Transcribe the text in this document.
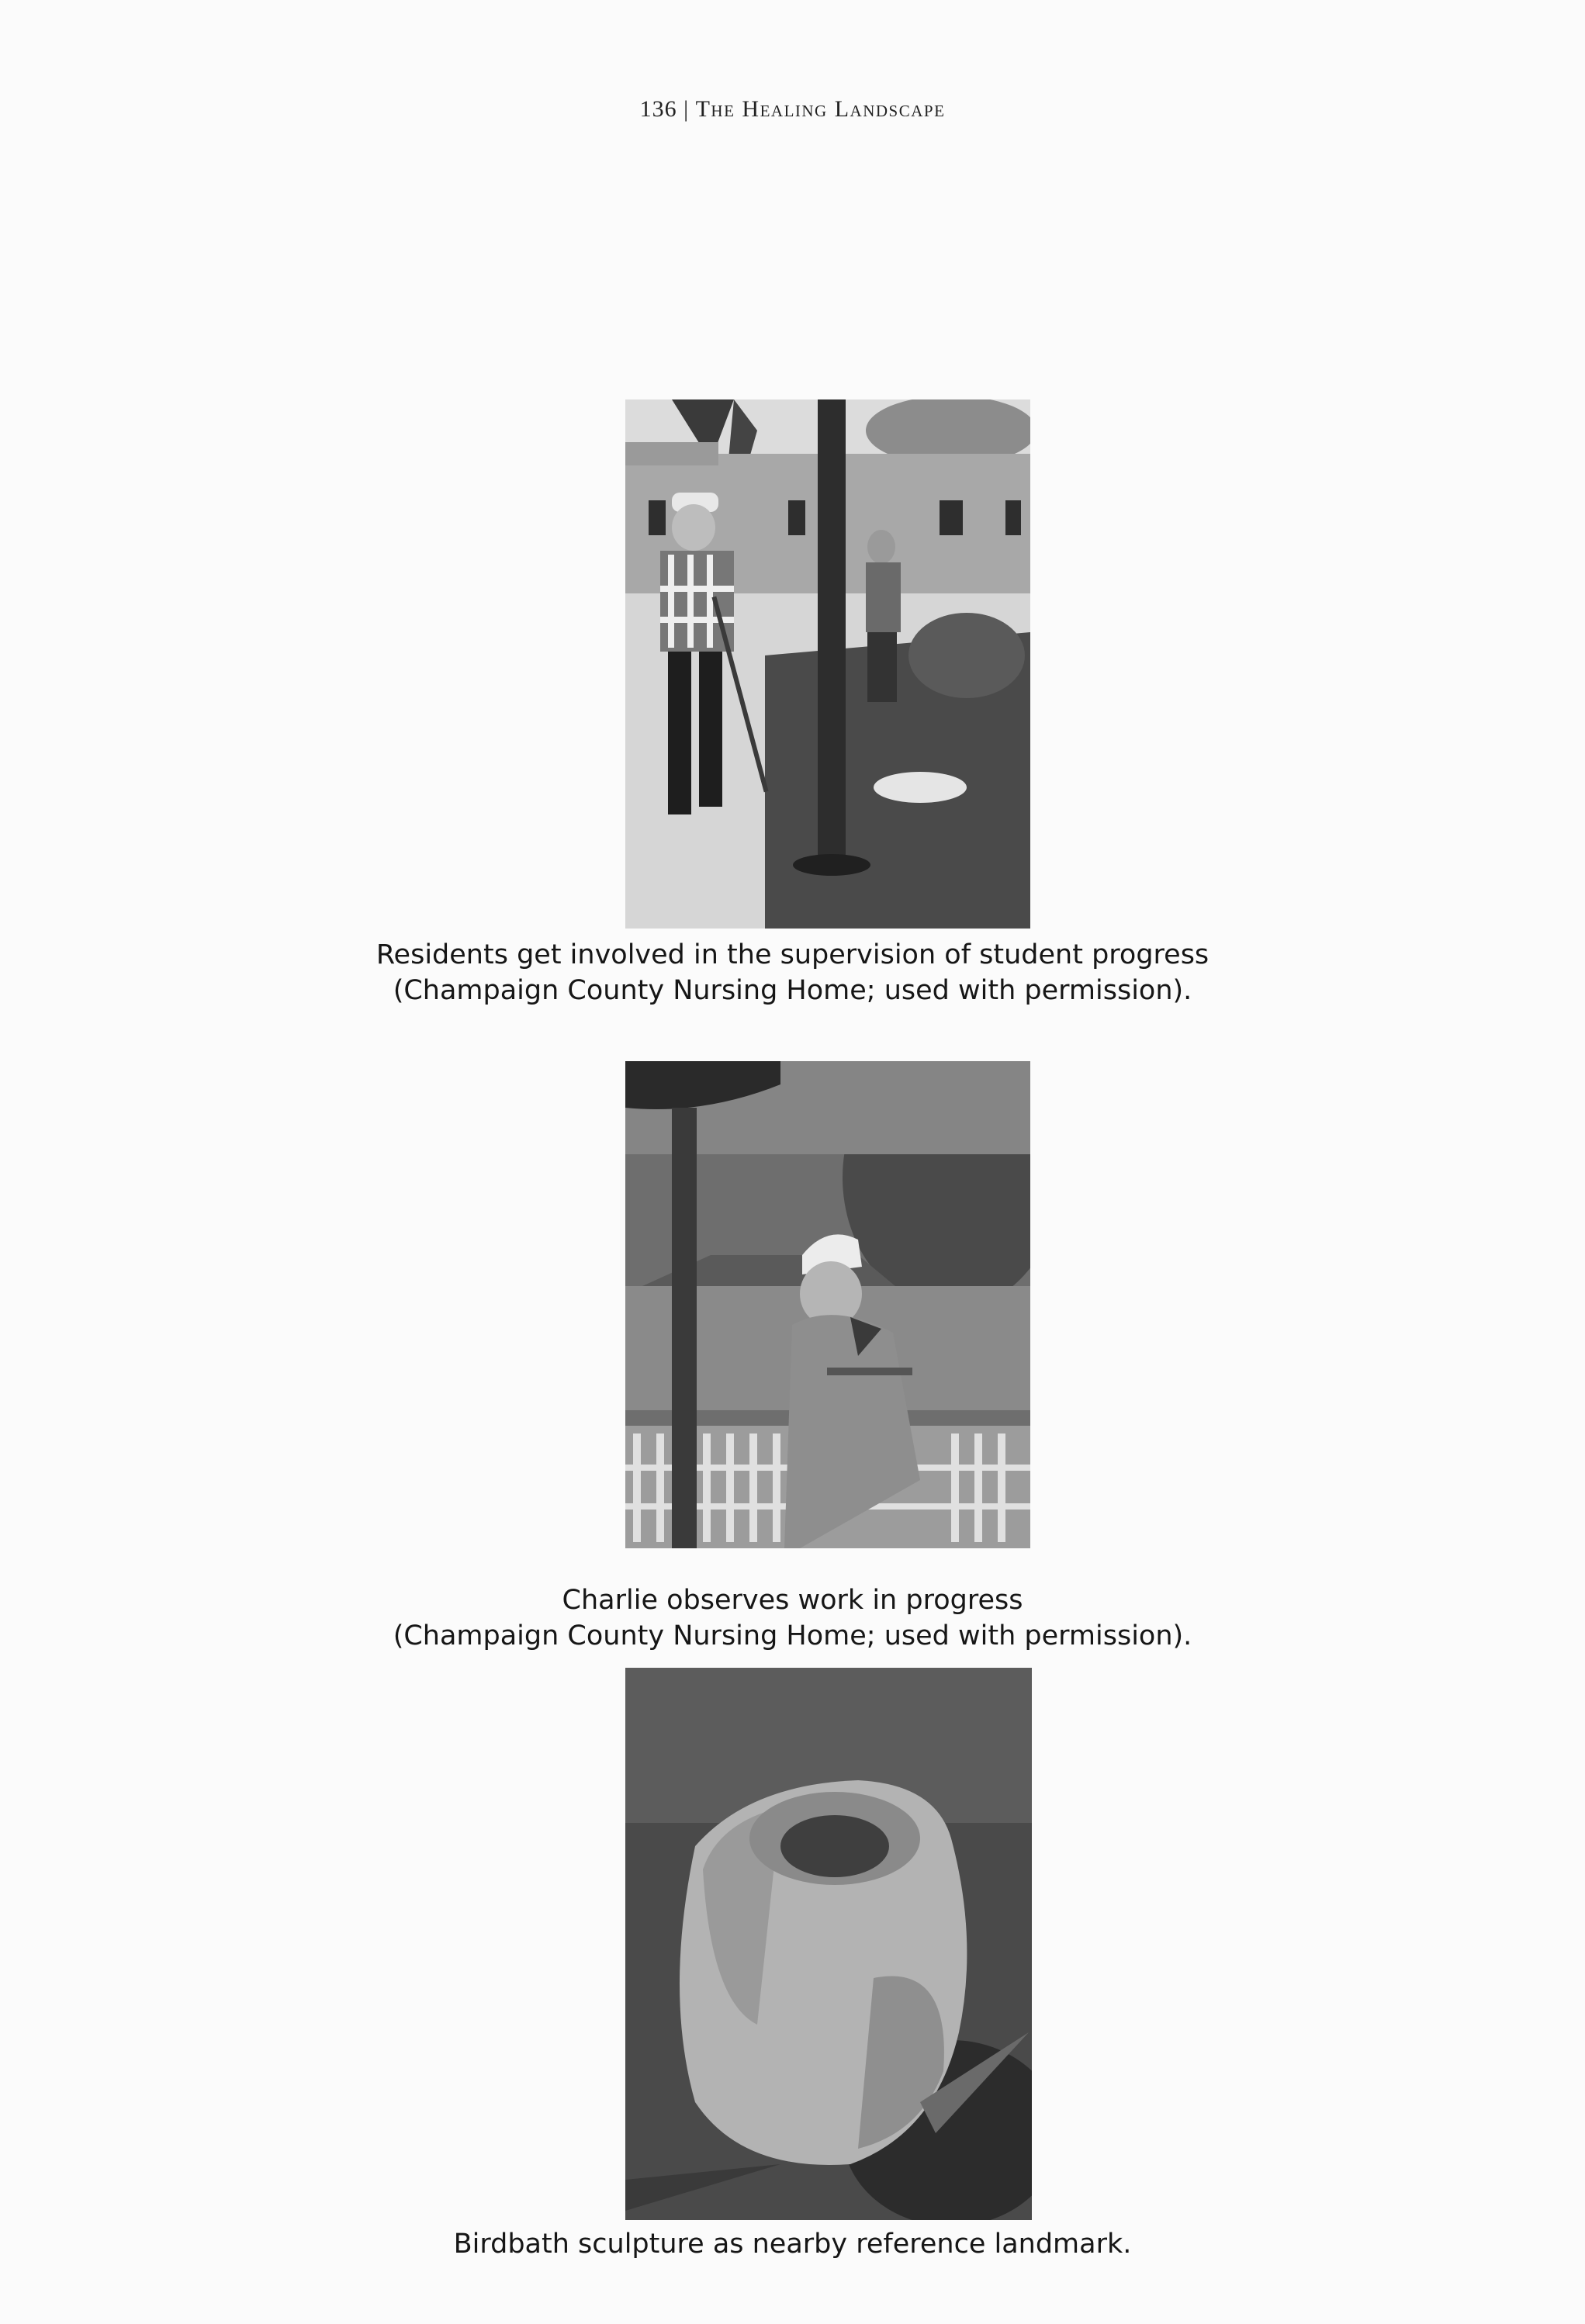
136 | The Healing Landscape
Residents get involved in the supervision of student progress
(Champaign County Nursing Home; used with permission).
Charlie observes work in progress
(Champaign County Nursing Home; used with permission).
Birdbath sculpture as nearby reference landmark.
